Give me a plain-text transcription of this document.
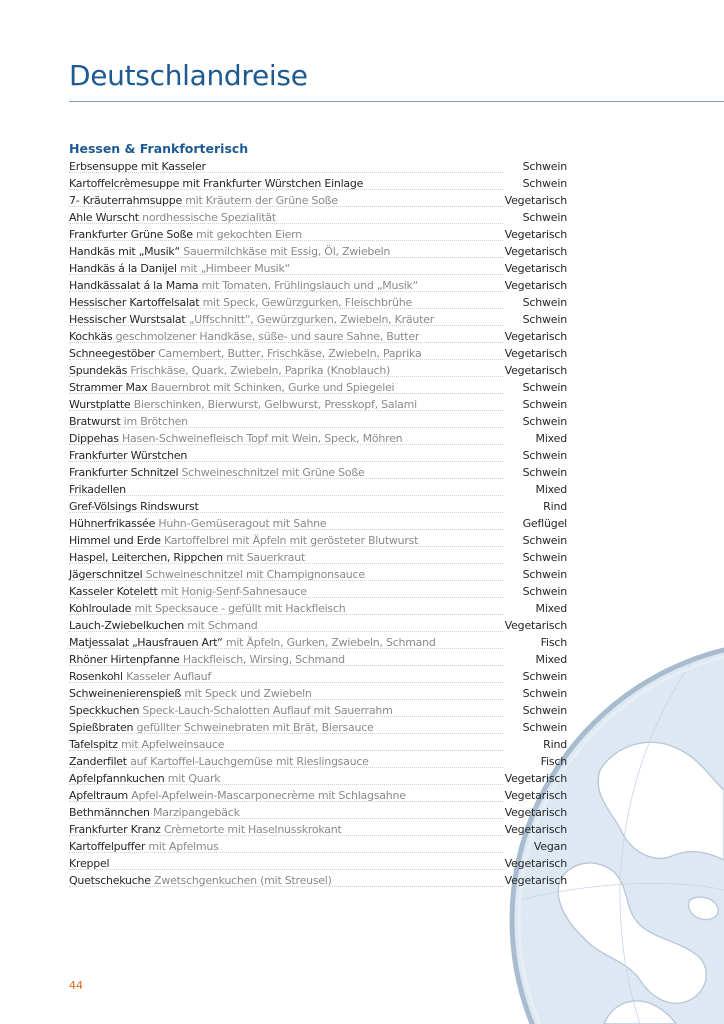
Deutschlandreise
Hessen & Frankforterisch
Erbsensuppe mit Kasseler	Schwein
Kartoffelcrèmesuppe mit Frankfurter Würstchen Einlage	Schwein
7- Kräuterrahmsuppe mit Kräutern der Grüne Soße	Vegetarisch
Ahle Wurscht nordhessische Spezialität	Schwein
Frankfurter Grüne Soße mit gekochten Eiern	Vegetarisch
Handkäs mit „Musik“ Sauermilchkäse mit Essig, Öl, Zwiebeln	Vegetarisch
Handkäs á la Danijel mit „Himbeer Musik“	Vegetarisch
Handkässalat á la Mama mit Tomaten, Frühlingslauch und „Musik“	Vegetarisch
Hessischer Kartoffelsalat mit Speck, Gewürzgurken, Fleischbrühe	Schwein
Hessischer Wurstsalat „Uffschnitt“, Gewürzgurken, Zwiebeln, Kräuter	Schwein
Kochkäs geschmolzener Handkäse, süße- und saure Sahne, Butter	Vegetarisch
Schneegestöber Camembert, Butter, Frischkäse, Zwiebeln, Paprika	Vegetarisch
Spundekäs Frischkäse, Quark, Zwiebeln, Paprika (Knoblauch)	Vegetarisch
Strammer Max Bauernbrot mit Schinken, Gurke und Spiegelei	Schwein
Wurstplatte Bierschinken, Bierwurst, Gelbwurst, Presskopf, Salami	Schwein
Bratwurst im Brötchen	Schwein
Dippehas Hasen-Schweinefleisch Topf mit Wein, Speck, Möhren	Mixed
Frankfurter Würstchen	Schwein
Frankfurter Schnitzel Schweineschnitzel mit Grüne Soße	Schwein
Frikadellen	Mixed
Gref-Völsings Rindswurst	Rind
Hühnerfrikassée Huhn-Gemüseragout mit Sahne	Geflügel
Himmel und Erde Kartoffelbrei mit Äpfeln mit gerösteter Blutwurst	Schwein
Haspel, Leiterchen, Rippchen mit Sauerkraut	Schwein
Jägerschnitzel Schweineschnitzel mit Champignonsauce	Schwein
Kasseler Kotelett mit Honig-Senf-Sahnesauce	Schwein
Kohlroulade mit Specksauce - gefüllt mit Hackfleisch	Mixed
Lauch-Zwiebelkuchen mit Schmand	Vegetarisch
Matjessalat „Hausfrauen Art“ mit Äpfeln, Gurken, Zwiebeln, Schmand	Fisch
Rhöner Hirtenpfanne Hackfleisch, Wirsing, Schmand	Mixed
Rosenkohl Kasseler Auflauf	Schwein
Schweinenierenspieß mit Speck und Zwiebeln	Schwein
Speckkuchen Speck-Lauch-Schalotten Auflauf mit Sauerrahm	Schwein
Spießbraten gefüllter Schweinebraten mit Brät, Biersauce	Schwein
Tafelspitz mit Apfelweinsauce	Rind
Zanderfilet auf Kartoffel-Lauchgemüse mit Rieslingsauce	Fisch
Apfelpfannkuchen mit Quark	Vegetarisch
Apfeltraum Apfel-Apfelwein-Mascarponecrème mit Schlagsahne	Vegetarisch
Bethmännchen Marzipangebäck	Vegetarisch
Frankfurter Kranz Crèmetorte mit Haselnusskrokant	Vegetarisch
Kartoffelpuffer mit Apfelmus	Vegan
Kreppel	Vegetarisch
Quetschekuche Zwetschgenkuchen (mit Streusel)	Vegetarisch
44
